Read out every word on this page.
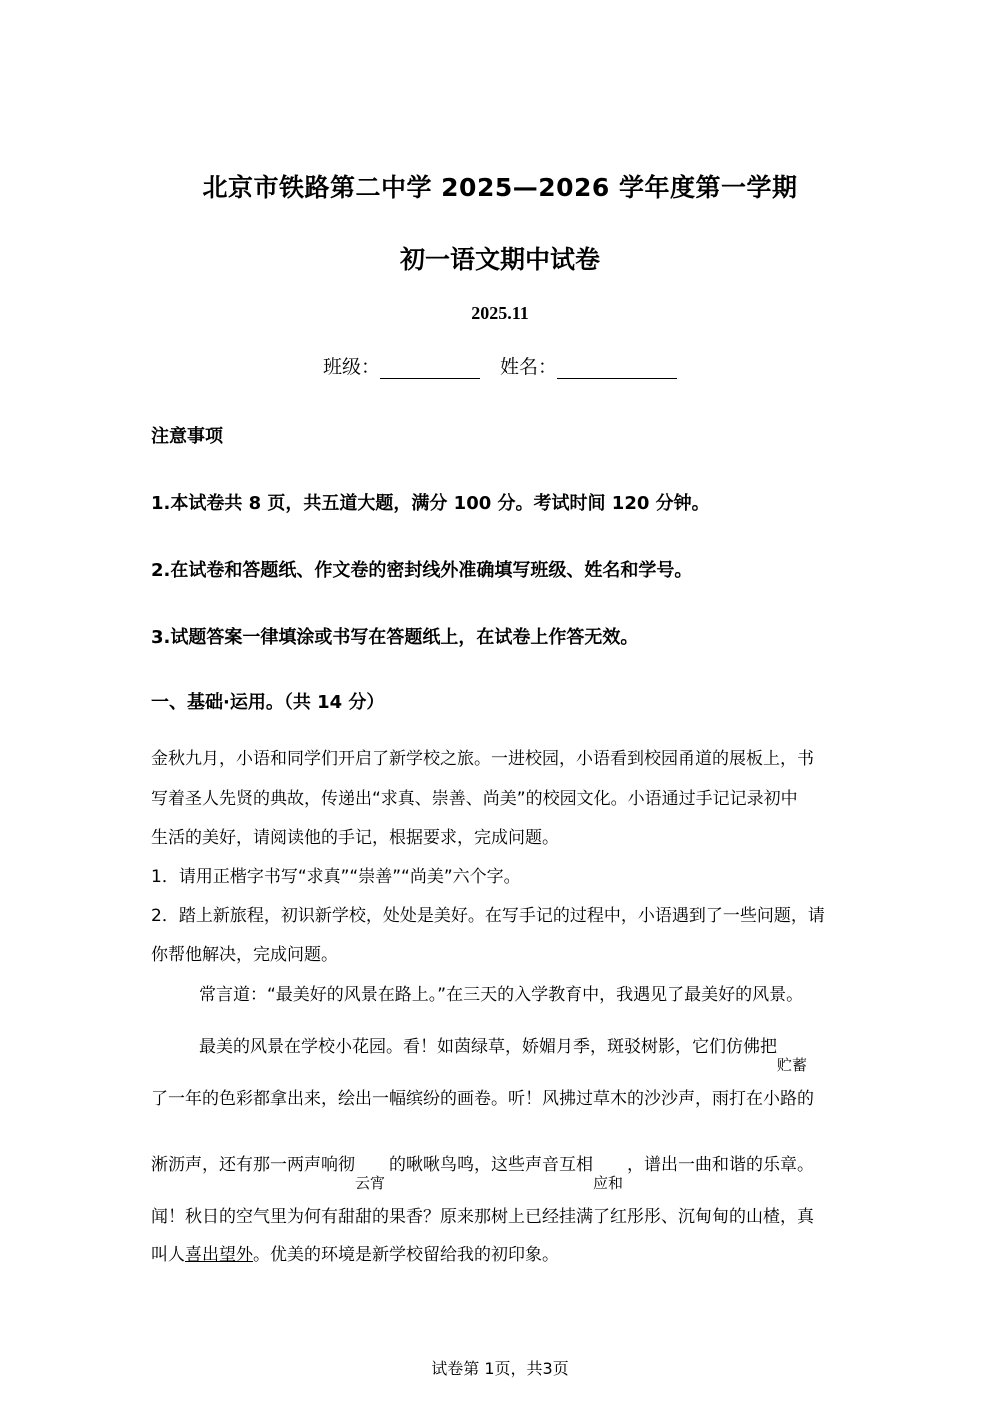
北京市铁路第二中学 2025—2026 学年度第一学期
初一语文期中试卷
2025.11
班级：	姓名：
注意事项
1.本试卷共 8 页，共五道大题，满分 100 分。考试时间 120 分钟。
2.在试卷和答题纸、作文卷的密封线外准确填写班级、姓名和学号。
3.试题答案一律填涂或书写在答题纸上，在试卷上作答无效。
一、基础·运用。（共 14 分）
金秋九月，小语和同学们开启了新学校之旅。一进校园，小语看到校园甬道的展板上，书
写着圣人先贤的典故，传递出“求真、崇善、尚美”的校园文化。小语通过手记记录初中
生活的美好，请阅读他的手记，根据要求，完成问题。
1．请用正楷字书写“求真”“崇善”“尚美”六个字。
2．踏上新旅程，初识新学校，处处是美好。在写手记的过程中，小语遇到了一些问题，请
你帮他解决，完成问题。
常言道：“最美好的风景在路上。”在三天的入学教育中，我遇见了最美好的风景。
最美的风景在学校小花园。看！如茵绿草，娇媚月季，斑驳树影，它们仿佛把
贮蓄
了一年的色彩都拿出来，绘出一幅缤纷的画卷。听！风拂过草木的沙沙声，雨打在小路的
淅沥声，还有那一两声响彻
云宵
的啾啾鸟鸣，这些声音互相
应和
，谱出一曲和谐的乐章。
闻！秋日的空气里为何有甜甜的果香？原来那树上已经挂满了红彤彤、沉甸甸的山楂，真
叫人喜出望外。优美的环境是新学校留给我的初印象。
试卷第 1页，共3页
